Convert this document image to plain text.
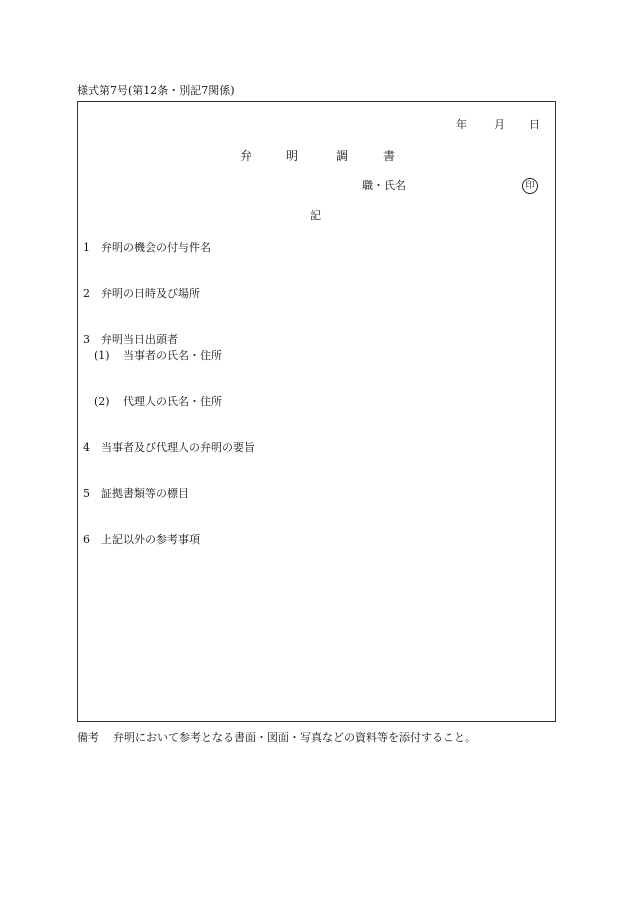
様式第7号(第12条・別記7関係)
年 月 日
弁	明	調	書
職・氏名	印
記
1 弁明の機会の付与件名
2 弁明の日時及び場所
3 弁明当日出頭者
(1) 当事者の氏名・住所
(2) 代理人の氏名・住所
4 当事者及び代理人の弁明の要旨
5 証拠書類等の標目
6 上記以外の参考事項
備考 弁明において参考となる書面・図面・写真などの資料等を添付すること。
